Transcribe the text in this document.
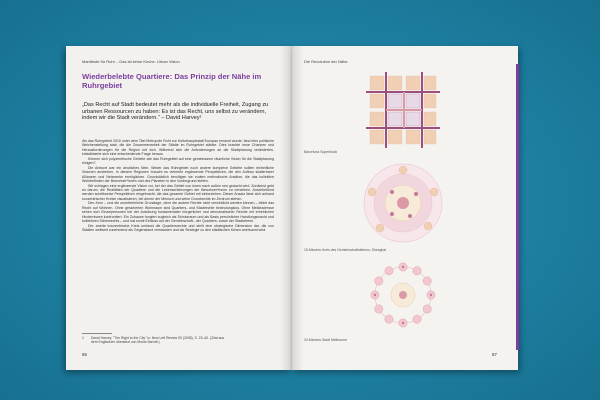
Manifeste für Ruhr – Das ist keine Kirche. Urban Vision
Wiederbelebte Quartiere: Das Prinzip der Nähe im Ruhrgebiet

„Das Recht auf Stadt bedeutet mehr als die individuelle Freiheit, Zugang zu urbanen Ressourcen zu haben: Es ist das Recht, uns selbst zu verändern, indem wir die Stadt verändern.“ – David Harvey¹

Als das Ruhrgebiet 2010 unter dem Titel Metropole Ruhr zur Kulturhauptstadt Europas ernannt wurde, fand eine politische Weichenstellung statt, die die Zusammenarbeit der Städte im Ruhrgebiet stärkte. Dies brachte neue Chancen und Herausforderungen für die Region mit sich. Während sich die Anforderungen an die Stadtplanung veränderten, kristallisierte sich eine entscheidende Frage heraus.

Können sich polyzentrische Gebiete wie das Ruhrgebiet auf eine gemeinsame räumliche Vision für die Stadtplanung einigen?

Die Antwort war ein deutliches Nein. Weder das Ruhrgebiet noch andere komplexe Gebiete sollten einheitliche Visionen anstreben. In diesem Regionen braucht es vielmehr ergänzende Perspektiven, die den Aufbau skalierbarer Allianzen und Netzwerke ermöglichen. Grundsätzlich benötigen sie zudem methodische Ansätze, die das kollektive Wohlbefinden der Bewohner*innen und des Planeten in den Vordergrund stellen.

Wir schlagen eine ergänzende Vision vor, bei der das Gebiet von innen nach außen neu gedacht wird. Zunächst geht es darum, die Realitäten der Quartiere und die Lebenserfahrungen der Bewohner*innen zu verstehen. Anschließend werden schrittweise Perspektiven eingebracht, die das gesamte Gebiet mit einbeziehen. Dieser Ansatz lässt sich anhand konzentrischer Kreise visualisieren, bei denen der Mensch und seine Grundrechte im Zentrum stehen.

Den Kern – und die unentbehrliche Grundlage, ohne die andere Rechte nicht verwirklicht werden können – bildet das Recht auf Wohnen. Ohne gesicherten Wohnraum sind Quartiers- und Stadtrechte bedeutungslos. Ohne Meldeadresse sehen sich Einzelpersonen bei der Ausübung fundamentaler bürgerlicher und demokratischer Rechte mit erheblichen Hindernissen konfrontiert. Ein Zuhause fungiert zugleich als Schutzraum und als Basis persönlicher Handlungsmacht und kollektiven Stimmrechts – und hat somit Einfluss auf der Gemeinschaft-, der Quartiers- sowie der Stadtebene.

Der zweite konzentrische Kreis umfasst die Quartiersrechte und stellt eine strategische Dimension dar, die von Städten weltweit zunehmend als Gegenstand verstanden und als Strategie zu den städtischen Krisen anerkannt wird.

1 David Harvey, "The Right to the City" in: New Left Review 53 (2008), S. 23–40. (Zitat aus dem Englischen übersetzt von Moritz Barndt.)
86
Die Revolution der Nähe
Barcelona Superblock
15-Minuten-Kreis des Gemeinschaftslebens, Shanghai
20-Minuten-Stadt Melbourne
87
